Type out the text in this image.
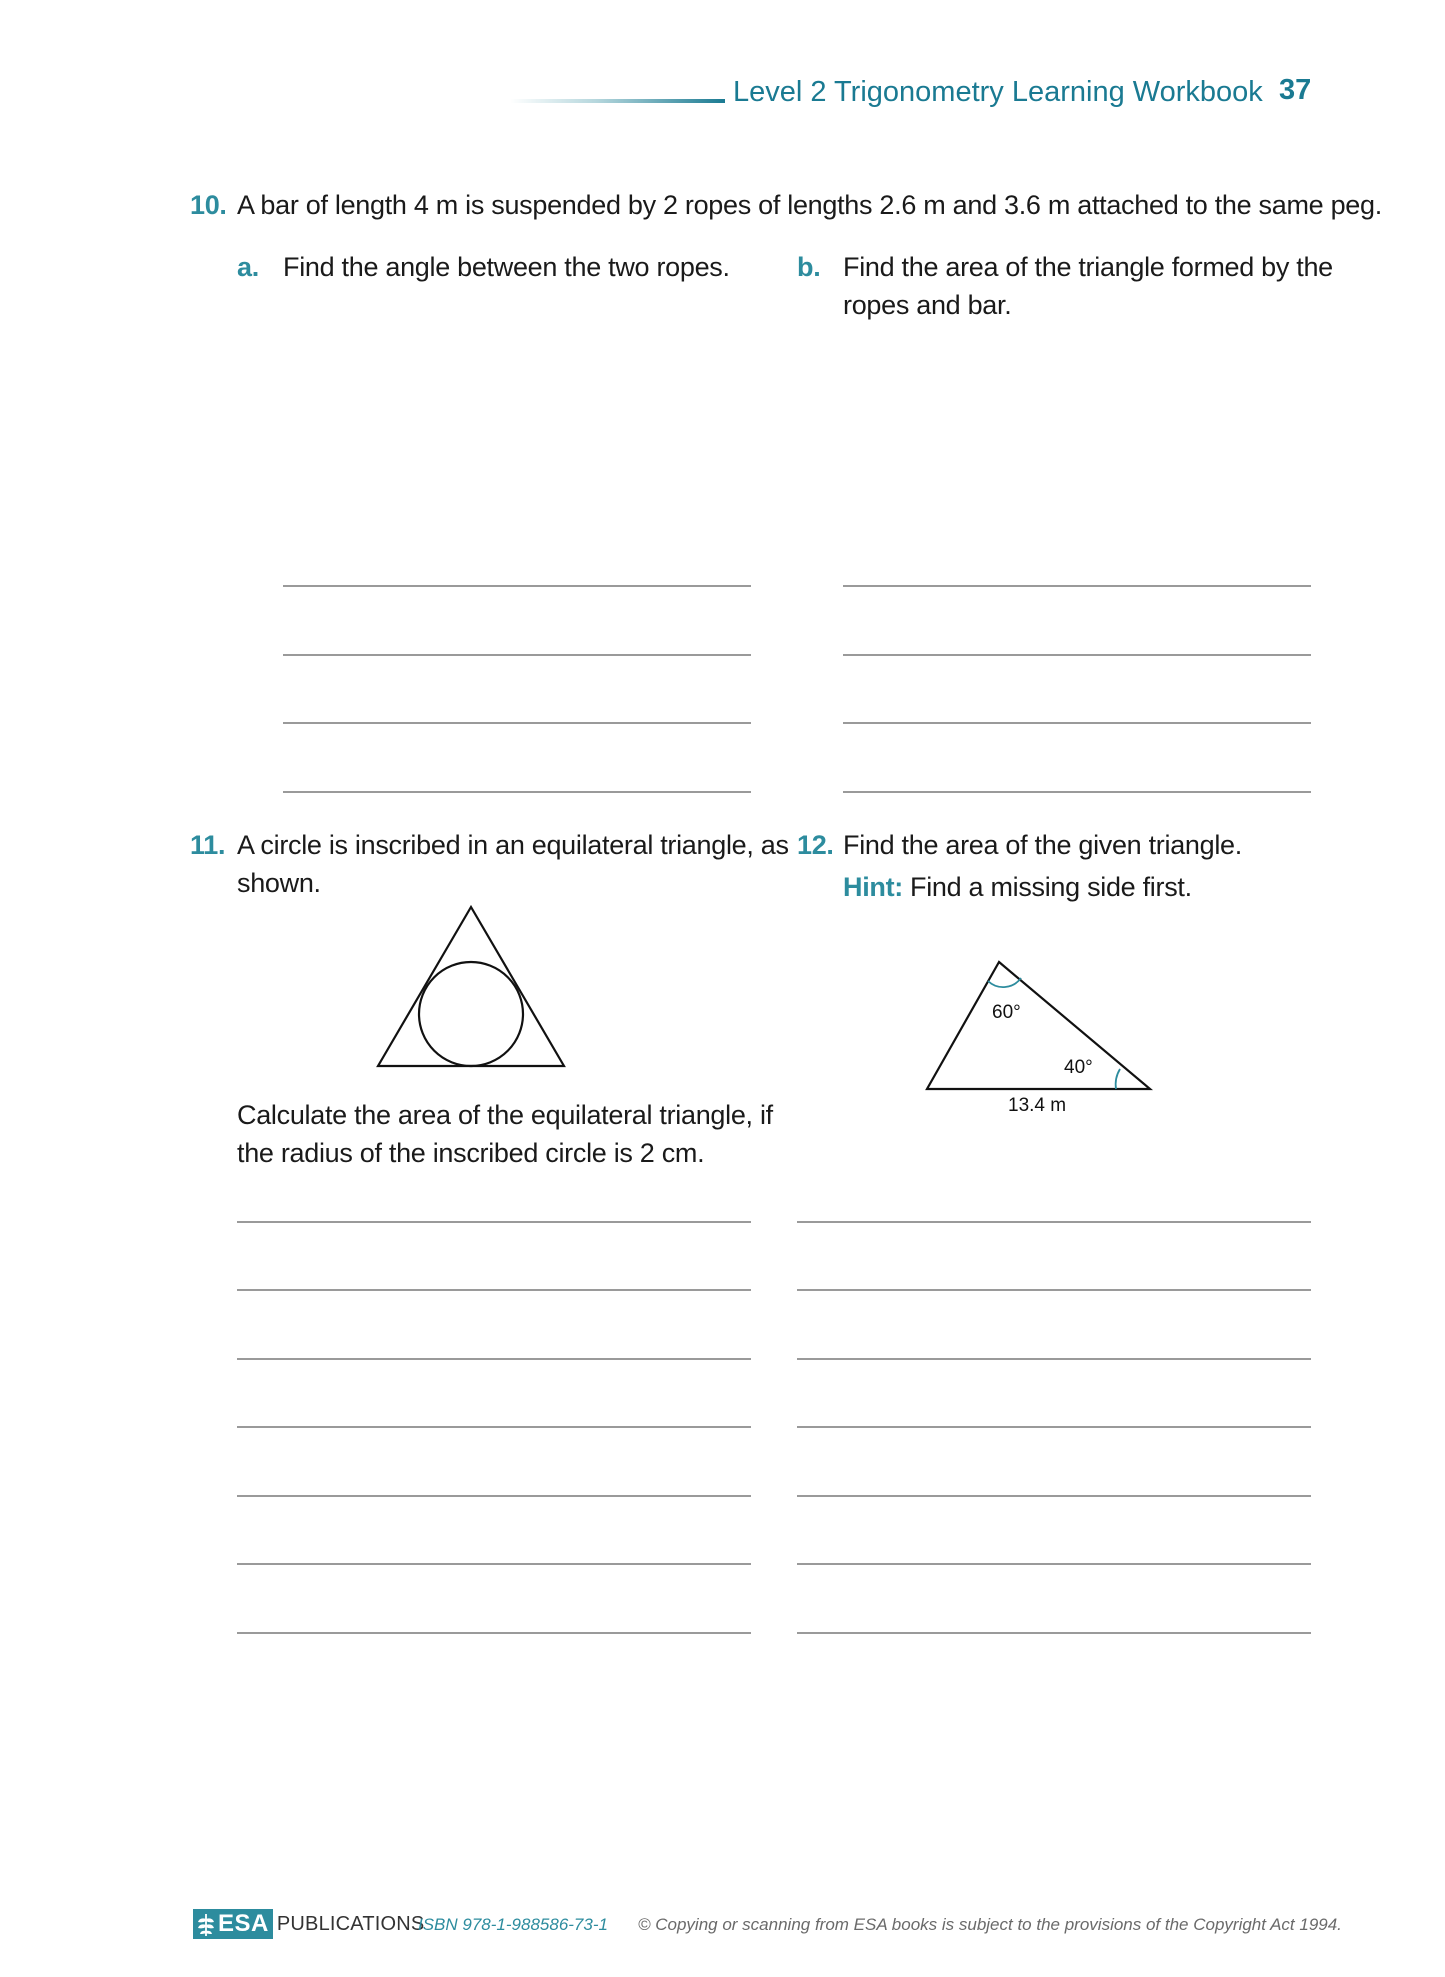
Level 2 Trigonometry Learning Workbook 37
10. A bar of length 4 m is suspended by 2 ropes of lengths 2.6 m and 3.6 m attached to the same peg.
a. Find the angle between the two ropes. b. Find the area of the triangle formed by the
ropes and bar.
11. A circle is inscribed in an equilateral triangle, as
shown.
Calculate the area of the equilateral triangle, if
the radius of the inscribed circle is 2 cm.
12. Find the area of the given triangle.
Hint: Find a missing side first.
60°
40°
13.4 m
ESA PUBLICATIONS
ISBN 978-1-988586-73-1 © Copying or scanning from ESA books is subject to the provisions of the Copyright Act 1994.
